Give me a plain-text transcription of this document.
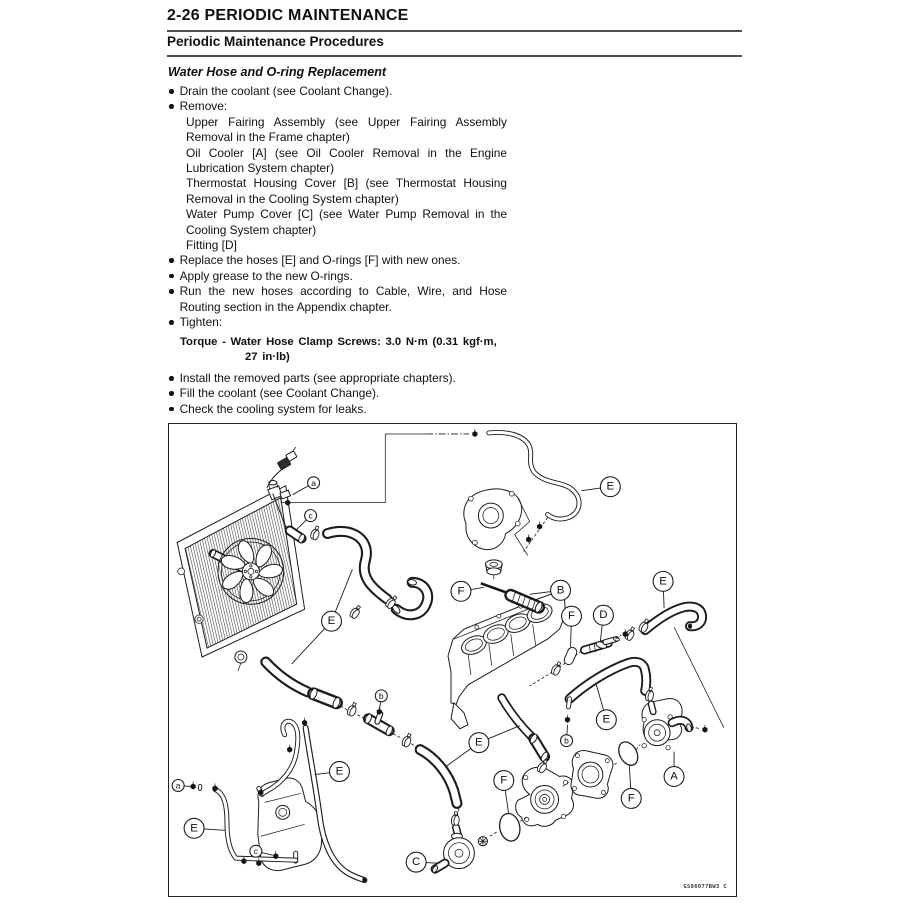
2-26 PERIODIC MAINTENANCE
Periodic Maintenance Procedures
Water Hose and O-ring Replacement
Drain the coolant (see Coolant Change).
Remove:
Upper Fairing Assembly (see Upper Fairing Assembly Removal in the Frame chapter)
Oil Cooler [A] (see Oil Cooler Removal in the Engine Lubrication System chapter)
Thermostat Housing Cover [B] (see Thermostat Housing Removal in the Cooling System chapter)
Water Pump Cover [C] (see Water Pump Removal in the Cooling System chapter)
Fitting [D]
Replace the hoses [E] and O-rings [F] with new ones.
Apply grease to the new O-rings.
Run the new hoses according to Cable, Wire, and Hose Routing section in the Appendix chapter.
Tighten:
Torque - Water Hose Clamp Screws: 3.0 N·m (0.31 kgf·m,
27 in·lb)
Install the removed parts (see appropriate chapters).
Fill the coolant (see Coolant Change).
Check the cooling system for leaks.
a
c
E
F	B
E
E
F D
b
E
E
b
F
F
A
a
E
E
c
C
GS06077BW3 C
